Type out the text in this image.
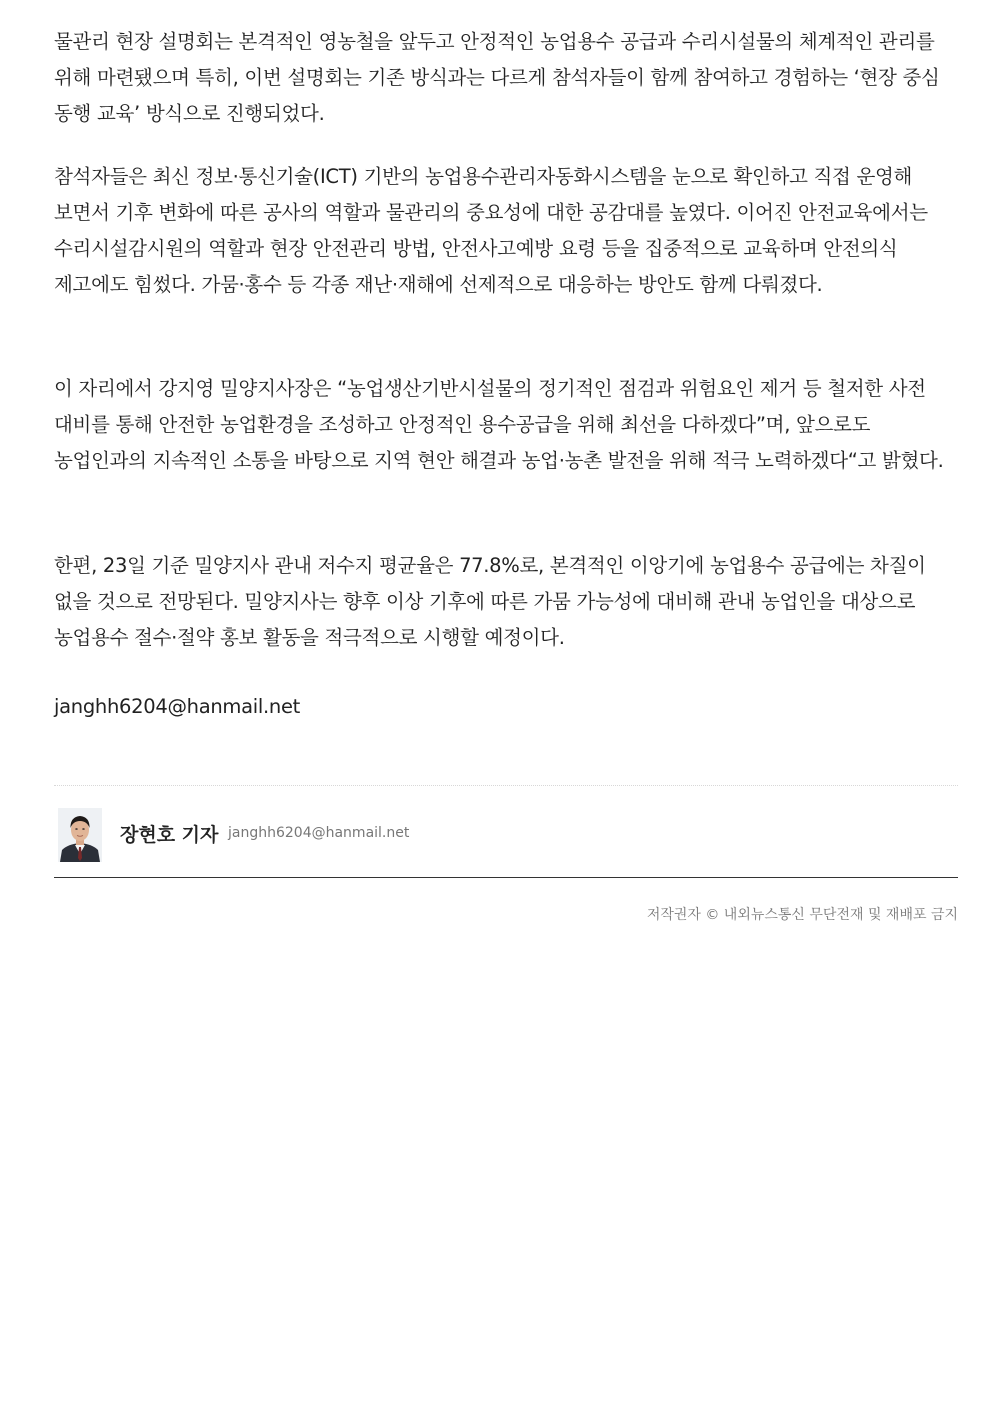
물관리 현장 설명회는 본격적인 영농철을 앞두고 안정적인 농업용수 공급과 수리시설물의 체계적인 관리를 위해 마련됐으며 특히, 이번 설명회는 기존 방식과는 다르게 참석자들이 함께 참여하고 경험하는 ‘현장 중심 동행 교육’ 방식으로 진행되었다.

참석자들은 최신 정보·통신기술(ICT) 기반의 농업용수관리자동화시스템을 눈으로 확인하고 직접 운영해 보면서 기후 변화에 따른 공사의 역할과 물관리의 중요성에 대한 공감대를 높였다. 이어진 안전교육에서는 수리시설감시원의 역할과 현장 안전관리 방법, 안전사고예방 요령 등을 집중적으로 교육하며 안전의식 제고에도 힘썼다. 가뭄·홍수 등 각종 재난·재해에 선제적으로 대응하는 방안도 함께 다뤄졌다.

이 자리에서 강지영 밀양지사장은 “농업생산기반시설물의 정기적인 점검과 위험요인 제거 등 철저한 사전 대비를 통해 안전한 농업환경을 조성하고 안정적인 용수공급을 위해 최선을 다하겠다”며, 앞으로도 농업인과의 지속적인 소통을 바탕으로 지역 현안 해결과 농업·농촌 발전을 위해 적극 노력하겠다“고 밝혔다.

한편, 23일 기준 밀양지사 관내 저수지 평균율은 77.8%로, 본격적인 이앙기에 농업용수 공급에는 차질이 없을 것으로 전망된다. 밀양지사는 향후 이상 기후에 따른 가뭄 가능성에 대비해 관내 농업인을 대상으로 농업용수 절수·절약 홍보 활동을 적극적으로 시행할 예정이다.

janghh6204@hanmail.net

장현호 기자 janghh6204@hanmail.net
저작권자 © 내외뉴스통신 무단전재 및 재배포 금지
